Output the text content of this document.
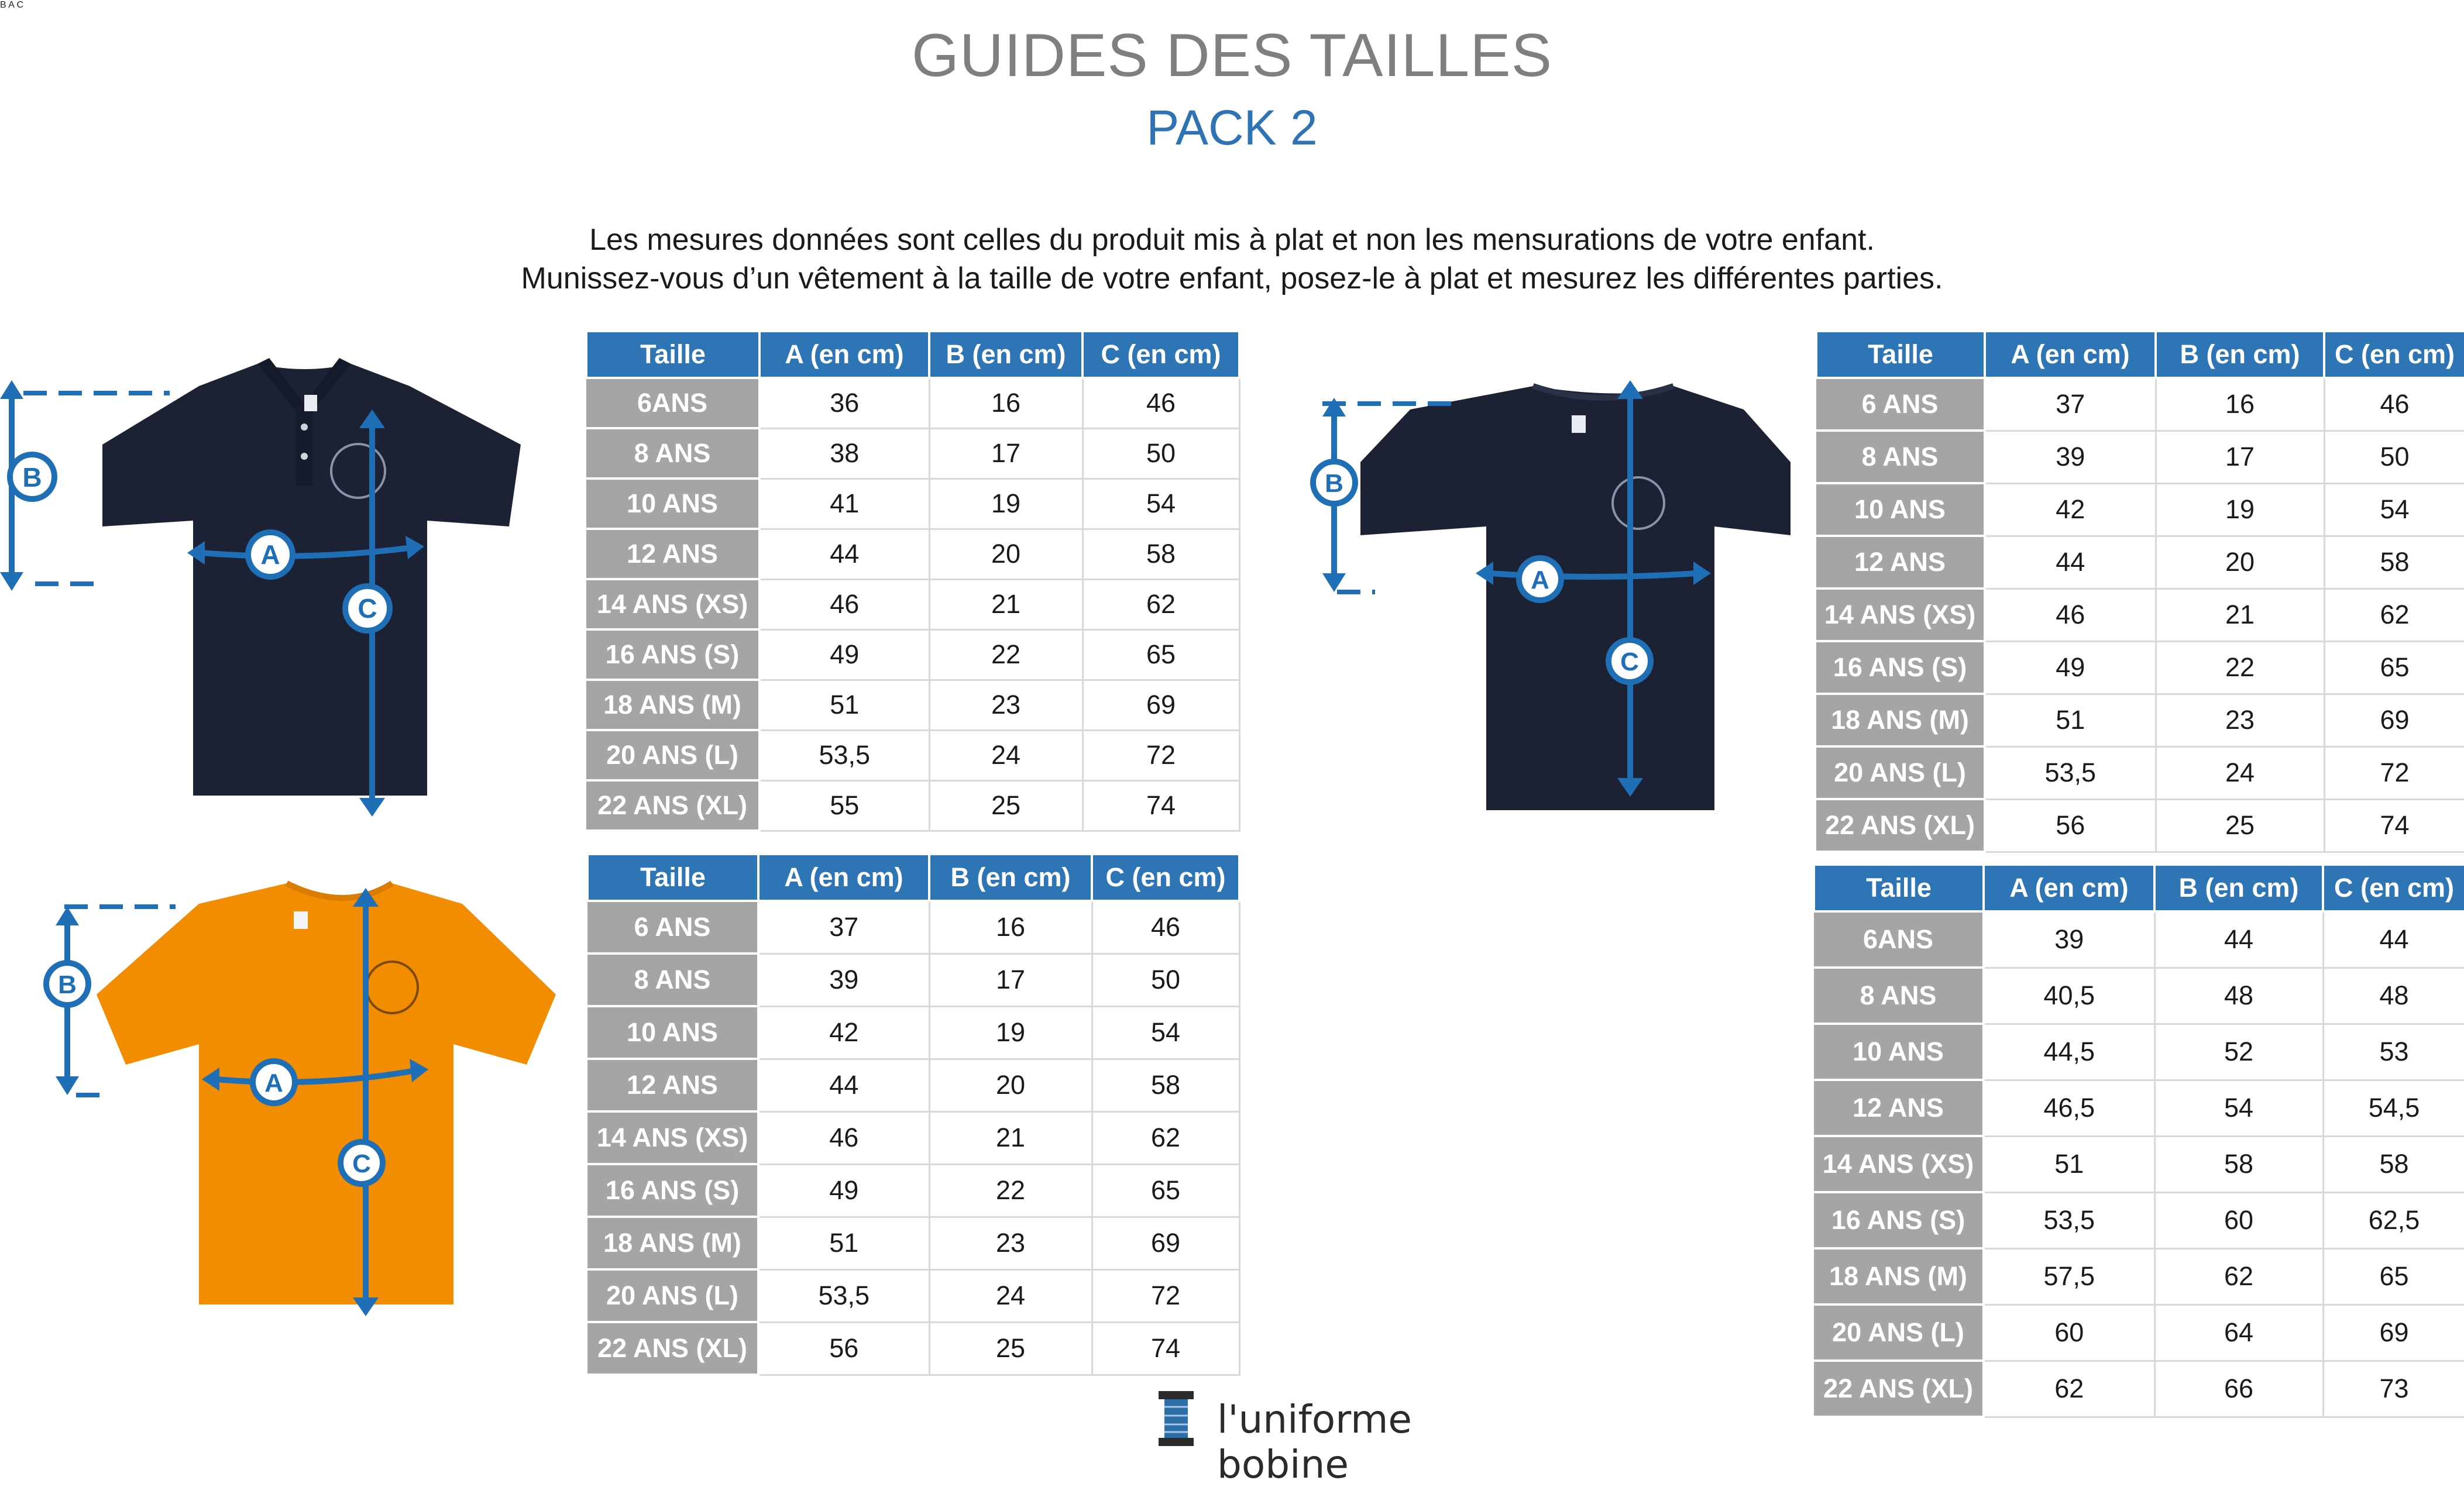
GUIDES DES TAILLES
PACK 2
Les mesures données sont celles du produit mis à plat et non les mensurations de votre enfant.
Munissez-vous d’un vêtement à la taille de votre enfant, posez-le à plat et mesurez les différentes parties.
B
A
C
B
A
C
B
A
C
B A C
Taille	A (en cm)	B (en cm)	C (en cm)
6ANS	36	16	46
8 ANS	38	17	50
10 ANS	41	19	54
12 ANS	44	20	58
14 ANS (XS)	46	21	62
16 ANS (S)	49	22	65
18 ANS (M)	51	23	69
20 ANS (L)	53,5	24	72
22 ANS (XL)	55	25	74
Taille	A (en cm)	B (en cm)	C (en cm)
6 ANS	37	16	46
8 ANS	39	17	50
10 ANS	42	19	54
12 ANS	44	20	58
14 ANS (XS)	46	21	62
16 ANS (S)	49	22	65
18 ANS (M)	51	23	69
20 ANS (L)	53,5	24	72
22 ANS (XL)	56	25	74
Taille	A (en cm)	B (en cm)	C (en cm)
6 ANS	37	16	46
8 ANS	39	17	50
10 ANS	42	19	54
12 ANS	44	20	58
14 ANS (XS)	46	21	62
16 ANS (S)	49	22	65
18 ANS (M)	51	23	69
20 ANS (L)	53,5	24	72
22 ANS (XL)	56	25	74
Taille	A (en cm)	B (en cm)	C (en cm)
6ANS	39	44	44
8 ANS	40,5	48	48
10 ANS	44,5	52	53
12 ANS	46,5	54	54,5
14 ANS (XS)	51	58	58
16 ANS (S)	53,5	60	62,5
18 ANS (M)	57,5	62	65
20 ANS (L)	60	64	69
22 ANS (XL)	62	66	73
l'uniforme bobine
